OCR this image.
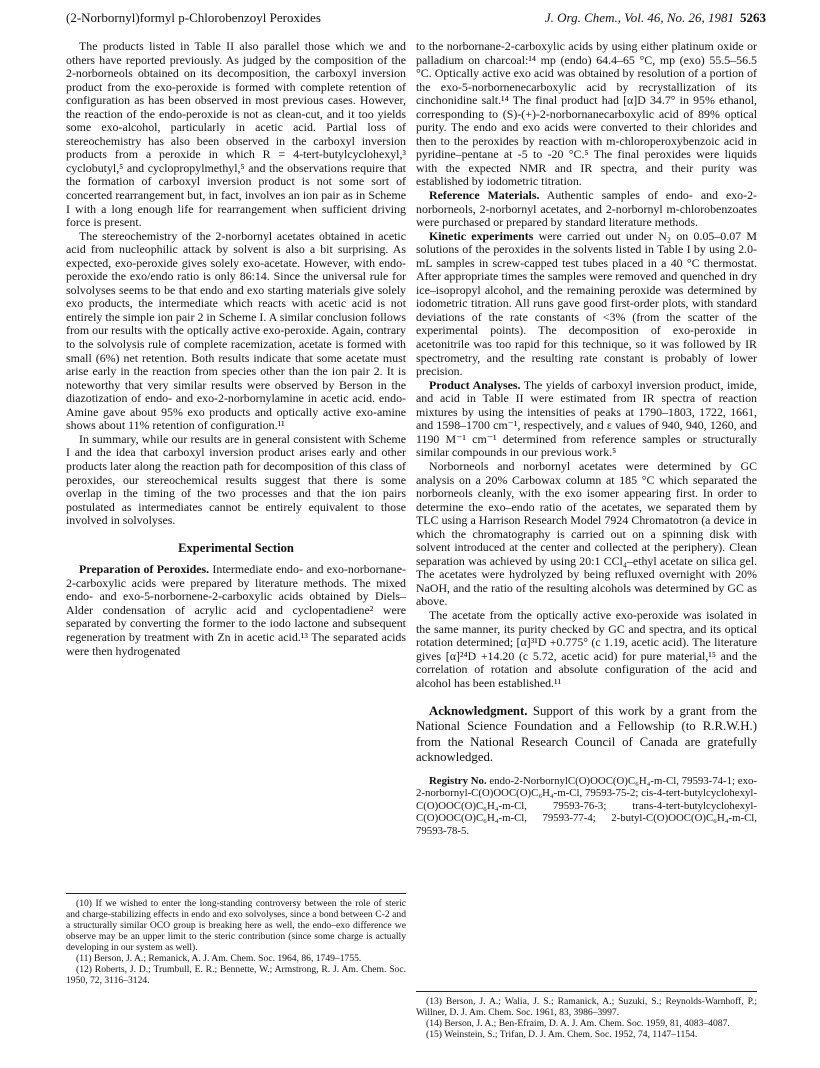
(2-Norbornyl)formyl p-Chlorobenzoyl Peroxides	J. Org. Chem., Vol. 46, No. 26, 1981 5263

The products listed in Table II also parallel those which we and others have reported previously. As judged by the composition of the 2-norborneols obtained on its decomposition, the carboxyl inversion product from the exo-peroxide is formed with complete retention of configuration as has been observed in most previous cases. However, the reaction of the endo-peroxide is not as clean-cut, and it too yields some exo-alcohol, particularly in acetic acid. Partial loss of stereochemistry has also been observed in the carboxyl inversion products from a peroxide in which R = 4-tert-butylcyclohexyl,³ cyclobutyl,⁵ and cyclopropylmethyl,⁵ and the observations require that the formation of carboxyl inversion product is not some sort of concerted rearrangement but, in fact, involves an ion pair as in Scheme I with a long enough life for rearrangement when sufficient driving force is present.

The stereochemistry of the 2-norbornyl acetates obtained in acetic acid from nucleophilic attack by solvent is also a bit surprising. As expected, exo-peroxide gives solely exo-acetate. However, with endo-peroxide the exo/endo ratio is only 86:14. Since the universal rule for solvolyses seems to be that endo and exo starting materials give solely exo products, the intermediate which reacts with acetic acid is not entirely the simple ion pair 2 in Scheme I. A similar conclusion follows from our results with the optically active exo-peroxide. Again, contrary to the solvolysis rule of complete racemization, acetate is formed with small (6%) net retention. Both results indicate that some acetate must arise early in the reaction from species other than the ion pair 2. It is noteworthy that very similar results were observed by Berson in the diazotization of endo- and exo-2-norbornylamine in acetic acid. endo-Amine gave about 95% exo products and optically active exo-amine shows about 11% retention of configuration.¹¹

In summary, while our results are in general consistent with Scheme I and the idea that carboxyl inversion product arises early and other products later along the reaction path for decomposition of this class of peroxides, our stereochemical results suggest that there is some overlap in the timing of the two processes and that the ion pairs postulated as intermediates cannot be entirely equivalent to those involved in solvolyses.

Experimental Section

Preparation of Peroxides. Intermediate endo- and exo-norbornane-2-carboxylic acids were prepared by literature methods. The mixed endo- and exo-5-norbornene-2-carboxylic acids obtained by Diels–Alder condensation of acrylic acid and cyclopentadiene² were separated by converting the former to the iodo lactone and subsequent regeneration by treatment with Zn in acetic acid.¹³ The separated acids were then hydrogenated

(10) If we wished to enter the long-standing controversy between the role of steric and charge-stabilizing effects in endo and exo solvolyses, since a bond between C-2 and a structurally similar OCO group is breaking here as well, the endo–exo difference we observe may be an upper limit to the steric contribution (since some charge is actually developing in our system as well).

(11) Berson, J. A.; Remanick, A. J. Am. Chem. Soc. 1964, 86, 1749–1755.

(12) Roberts, J. D.; Trumbull, E. R.; Bennette, W.; Armstrong, R. J. Am. Chem. Soc. 1950, 72, 3116–3124.

to the norbornane-2-carboxylic acids by using either platinum oxide or palladium on charcoal:¹⁴ mp (endo) 64.4–65 °C, mp (exo) 55.5–56.5 °C. Optically active exo acid was obtained by resolution of a portion of the exo-5-norbornenecarboxylic acid by recrystallization of its cinchonidine salt.¹⁴ The final product had [α]D 34.7° in 95% ethanol, corresponding to (S)-(+)-2-norbornanecarboxylic acid of 89% optical purity. The endo and exo acids were converted to their chlorides and then to the peroxides by reaction with m-chloroperoxybenzoic acid in pyridine–pentane at -5 to -20 °C.⁵ The final peroxides were liquids with the expected NMR and IR spectra, and their purity was established by iodometric titration.

Reference Materials. Authentic samples of endo- and exo-2-norborneols, 2-norbornyl acetates, and 2-norbornyl m-chlorobenzoates were purchased or prepared by standard literature methods.

Kinetic experiments were carried out under N₂ on 0.05–0.07 M solutions of the peroxides in the solvents listed in Table I by using 2.0-mL samples in screw-capped test tubes placed in a 40 °C thermostat. After appropriate times the samples were removed and quenched in dry ice–isopropyl alcohol, and the remaining peroxide was determined by iodometric titration. All runs gave good first-order plots, with standard deviations of the rate constants of <3% (from the scatter of the experimental points). The decomposition of exo-peroxide in acetonitrile was too rapid for this technique, so it was followed by IR spectrometry, and the resulting rate constant is probably of lower precision.

Product Analyses. The yields of carboxyl inversion product, imide, and acid in Table II were estimated from IR spectra of reaction mixtures by using the intensities of peaks at 1790–1803, 1722, 1661, and 1598–1700 cm⁻¹, respectively, and ε values of 940, 940, 1260, and 1190 M⁻¹ cm⁻¹ determined from reference samples or structurally similar compounds in our previous work.⁵

Norborneols and norbornyl acetates were determined by GC analysis on a 20% Carbowax column at 185 °C which separated the norborneols cleanly, with the exo isomer appearing first. In order to determine the exo–endo ratio of the acetates, we separated them by TLC using a Harrison Research Model 7924 Chromatotron (a device in which the chromatography is carried out on a spinning disk with solvent introduced at the center and collected at the periphery). Clean separation was achieved by using 20:1 CCl₄–ethyl acetate on silica gel. The acetates were hydrolyzed by being refluxed overnight with 20% NaOH, and the ratio of the resulting alcohols was determined by GC as above.

The acetate from the optically active exo-peroxide was isolated in the same manner, its purity checked by GC and spectra, and its optical rotation determined; [α]³¹D +0.775° (c 1.19, acetic acid). The literature gives [α]²⁴D +14.20 (c 5.72, acetic acid) for pure material,¹⁵ and the correlation of rotation and absolute configuration of the acid and alcohol has been established.¹¹

Acknowledgment. Support of this work by a grant from the National Science Foundation and a Fellowship (to R.R.W.H.) from the National Research Council of Canada are gratefully acknowledged.

Registry No. endo-2-NorbornylC(O)OOC(O)C₆H₄-m-Cl, 79593-74-1; exo-2-norbornyl-C(O)OOC(O)C₆H₄-m-Cl, 79593-75-2; cis-4-tert-butylcyclohexyl-C(O)OOC(O)C₆H₄-m-Cl, 79593-76-3; trans-4-tert-butylcyclohexyl-C(O)OOC(O)C₆H₄-m-Cl, 79593-77-4; 2-butyl-C(O)OOC(O)C₆H₄-m-Cl, 79593-78-5.

(13) Berson, J. A.; Walia, J. S.; Ramanick, A.; Suzuki, S.; Reynolds-Warnhoff, P.; Willner, D. J. Am. Chem. Soc. 1961, 83, 3986–3997.

(14) Berson, J. A.; Ben-Efraim, D. A. J. Am. Chem. Soc. 1959, 81, 4083–4087.

(15) Weinstein, S.; Trifan, D. J. Am. Chem. Soc. 1952, 74, 1147–1154.
